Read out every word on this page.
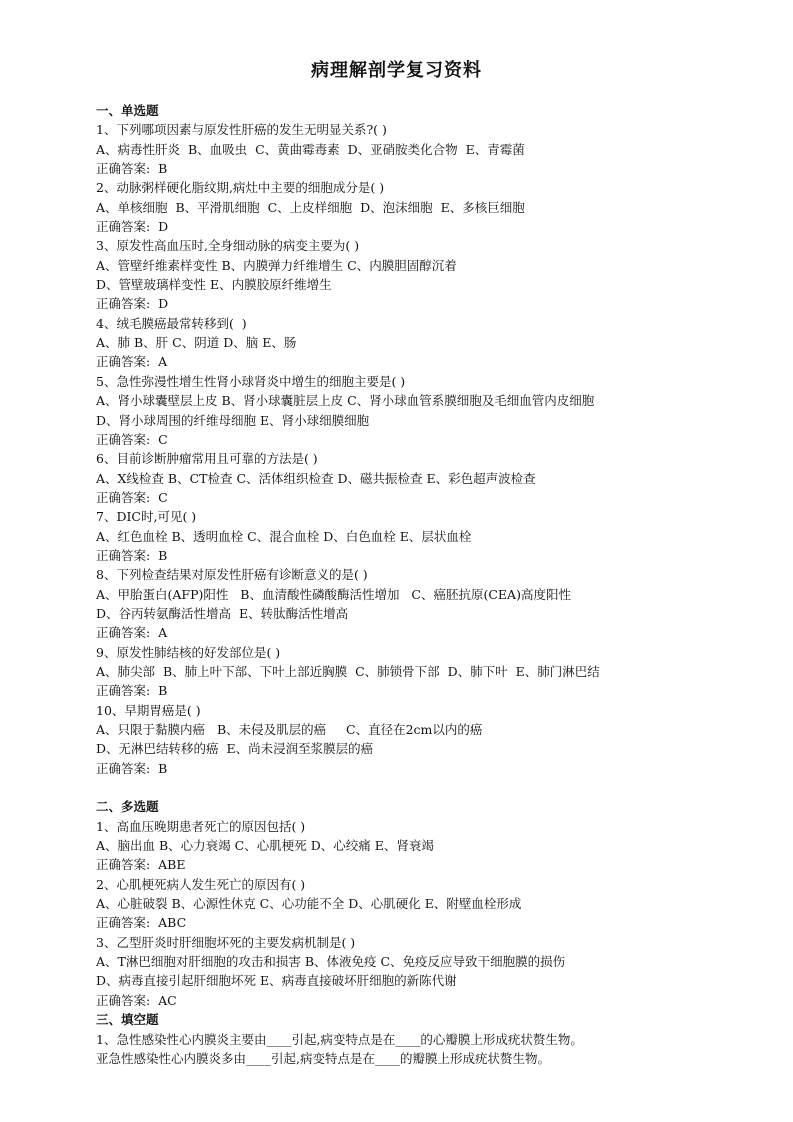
病理解剖学复习资料
一、单选题
1、下列哪项因素与原发性肝癌的发生无明显关系?( )
A、病毒性肝炎  B、血吸虫  C、黄曲霉毒素  D、亚硝胺类化合物  E、青霉菌
正确答案:  B
2、动脉粥样硬化脂纹期,病灶中主要的细胞成分是( )
A、单核细胞  B、平滑肌细胞  C、上皮样细胞  D、泡沫细胞  E、多核巨细胞
正确答案:  D
3、原发性高血压时,全身细动脉的病变主要为( )
A、管壁纤维素样变性 B、内膜弹力纤维增生 C、内膜胆固醇沉着
D、管壁玻璃样变性 E、内膜胶原纤维增生
正确答案:  D
4、绒毛膜癌最常转移到(  )
A、肺 B、肝 C、阴道 D、脑 E、肠
正确答案:  A
5、急性弥漫性增生性肾小球肾炎中增生的细胞主要是( )
A、肾小球囊壁层上皮 B、肾小球囊脏层上皮 C、肾小球血管系膜细胞及毛细血管内皮细胞
D、肾小球周围的纤维母细胞 E、肾小球细膜细胞
正确答案:  C
6、目前诊断肿瘤常用且可靠的方法是( )
A、X线检查 B、CT检查 C、活体组织检查 D、磁共振检查 E、彩色超声波检查
正确答案:  C
7、DIC时,可见( )
A、红色血栓 B、透明血栓 C、混合血栓 D、白色血栓 E、层状血栓
正确答案:  B
8、下列检查结果对原发性肝癌有诊断意义的是( )
A、甲胎蛋白(AFP)阳性   B、血清酸性磷酸酶活性增加   C、癌胚抗原(CEA)高度阳性
D、谷丙转氨酶活性增高  E、转肽酶活性增高
正确答案:  A
9、原发性肺结核的好发部位是( )
A、肺尖部  B、肺上叶下部、下叶上部近胸膜  C、肺锁骨下部  D、肺下叶  E、肺门淋巴结
正确答案:  B
10、早期胃癌是( )
A、只限于黏膜内癌   B、未侵及肌层的癌     C、直径在2cm以内的癌
D、无淋巴结转移的癌  E、尚未浸润至浆膜层的癌
正确答案:  B
二、多选题
1、高血压晚期患者死亡的原因包括( )
A、脑出血 B、心力衰竭 C、心肌梗死 D、心绞痛 E、肾衰竭
正确答案:  ABE
2、心肌梗死病人发生死亡的原因有( )
A、心脏破裂 B、心源性休克 C、心功能不全 D、心肌硬化 E、附壁血栓形成
正确答案:  ABC
3、乙型肝炎时肝细胞坏死的主要发病机制是( )
A、T淋巴细胞对肝细胞的攻击和损害 B、体液免疫 C、免疫反应导致干细胞膜的损伤
D、病毒直接引起肝细胞坏死 E、病毒直接破坏肝细胞的新陈代谢
正确答案:  AC
三、填空题
1、急性感染性心内膜炎主要由____引起,病变特点是在____的心瓣膜上形成疣状赘生物。
亚急性感染性心内膜炎多由____引起,病变特点是在____的瓣膜上形成疣状赘生物。
